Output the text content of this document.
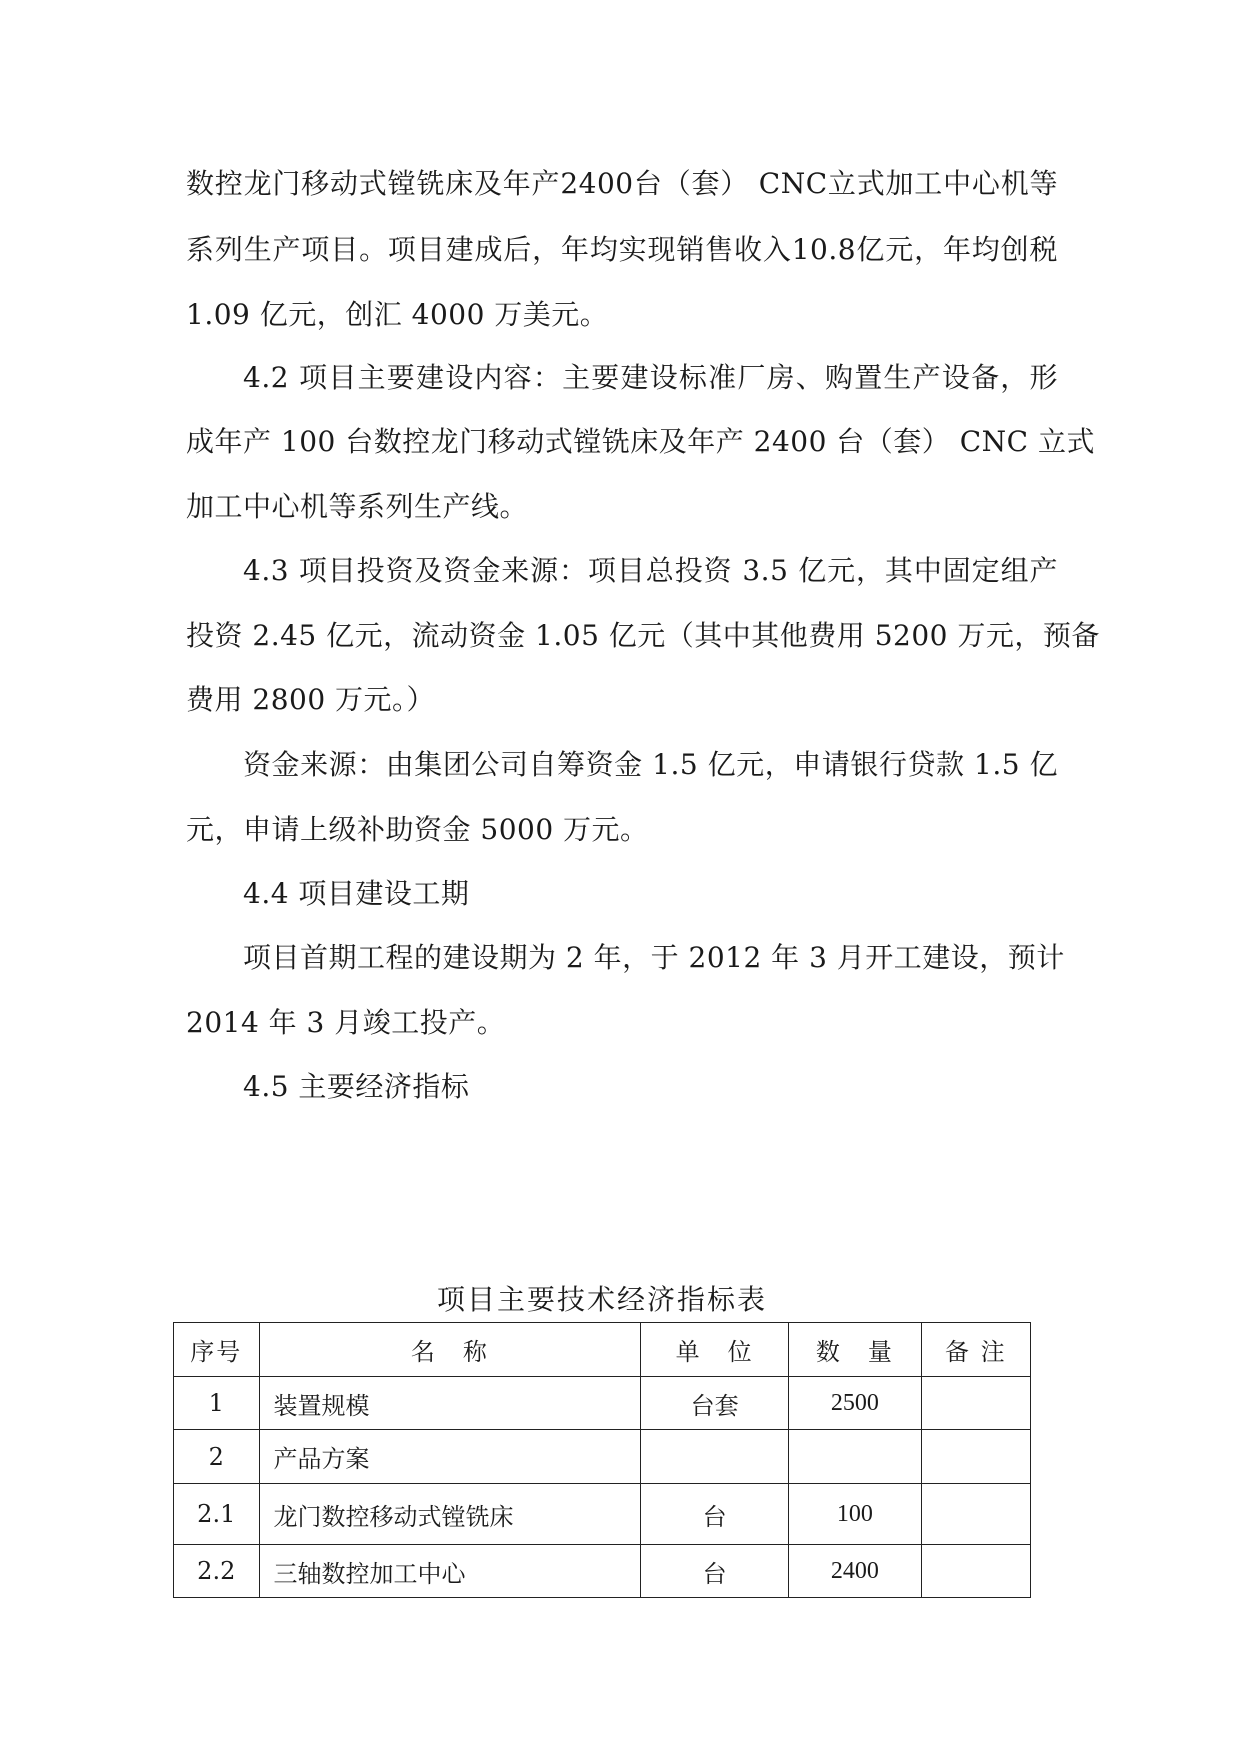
数控龙门移动式镗铣床及年产2400台（套） CNC立式加工中心机等
系列生产项目。项目建成后，年均实现销售收入10.8亿元，年均创税
1.09 亿元，创汇 4000 万美元。
4.2 项目主要建设内容：主要建设标准厂房、购置生产设备，形
成年产 100 台数控龙门移动式镗铣床及年产 2400 台（套） CNC 立式
加工中心机等系列生产线。
4.3 项目投资及资金来源：项目总投资 3.5 亿元，其中固定组产
投资 2.45 亿元，流动资金 1.05 亿元（其中其他费用 5200 万元，预备
费用 2800 万元。）
资金来源：由集团公司自筹资金 1.5 亿元，申请银行贷款 1.5 亿
元，申请上级补助资金 5000 万元。
4.4 项目建设工期
项目首期工程的建设期为 2 年，于 2012 年 3 月开工建设，预计
2014 年 3 月竣工投产。
4.5 主要经济指标
项目主要技术经济指标表
序号	名　称	单　位	数　量	备 注
1	装置规模	台套	2500	
2	产品方案			
2.1	龙门数控移动式镗铣床	台	100	
2.2	三轴数控加工中心	台	2400	
